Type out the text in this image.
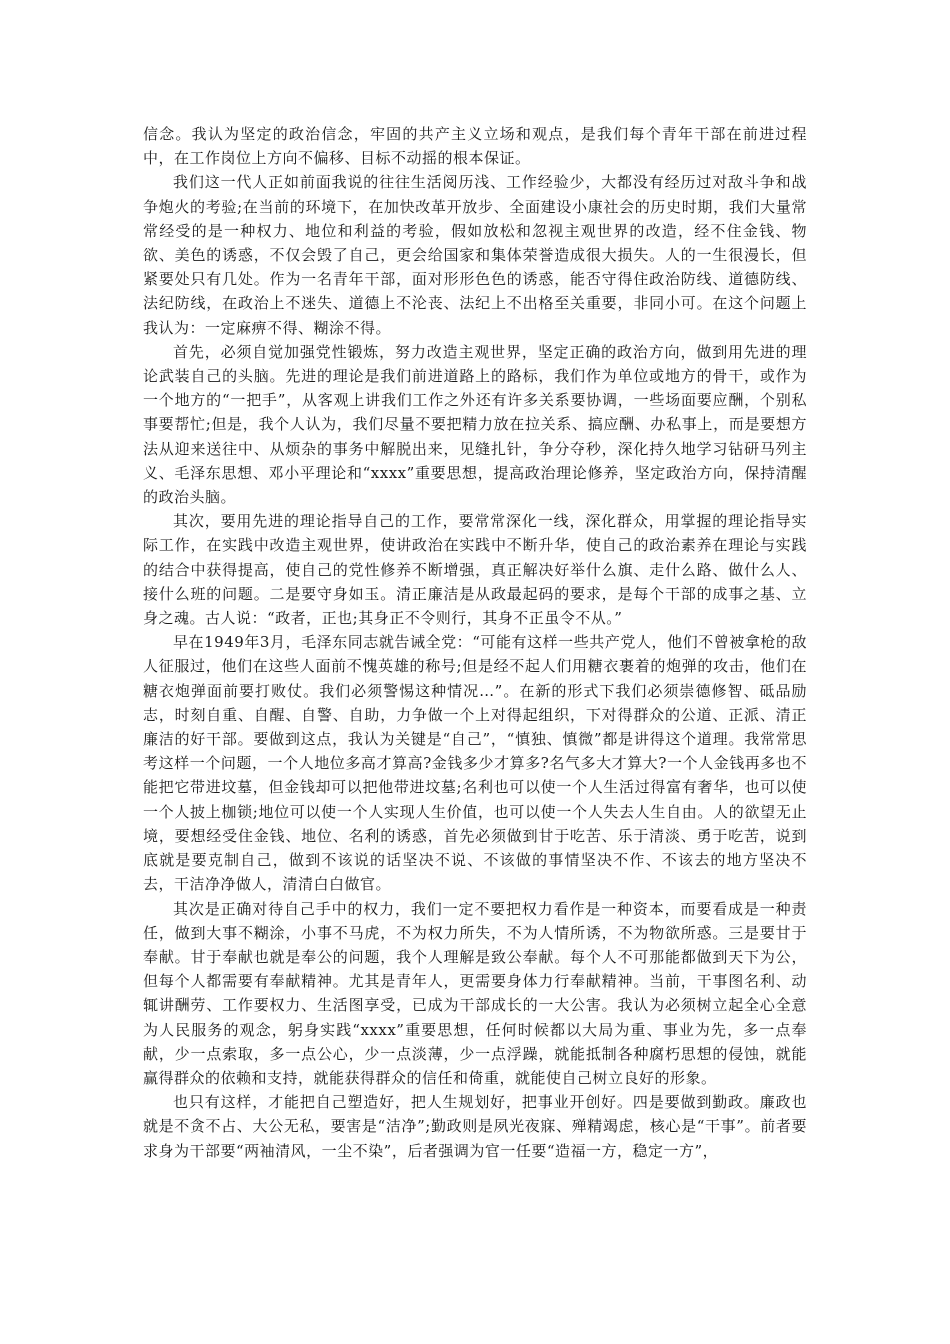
信念。我认为坚定的政治信念，牢固的共产主义立场和观点，是我们每个青年干部在前进过程中，在工作岗位上方向不偏移、目标不动摇的根本保证。

我们这一代人正如前面我说的往往生活阅历浅、工作经验少，大都没有经历过对敌斗争和战争炮火的考验;在当前的环境下，在加快改革开放步、全面建设小康社会的历史时期，我们大量常常经受的是一种权力、地位和利益的考验，假如放松和忽视主观世界的改造，经不住金钱、物欲、美色的诱惑，不仅会毁了自己，更会给国家和集体荣誉造成很大损失。人的一生很漫长，但紧要处只有几处。作为一名青年干部，面对形形色色的诱惑，能否守得住政治防线、道德防线、法纪防线，在政治上不迷失、道德上不沦丧、法纪上不出格至关重要，非同小可。在这个问题上我认为：一定麻痹不得、糊涂不得。

首先，必须自觉加强党性锻炼，努力改造主观世界，坚定正确的政治方向，做到用先进的理论武装自己的头脑。先进的理论是我们前进道路上的路标，我们作为单位或地方的骨干，或作为一个地方的“一把手”，从客观上讲我们工作之外还有许多关系要协调，一些场面要应酬，个别私事要帮忙;但是，我个人认为，我们尽量不要把精力放在拉关系、搞应酬、办私事上，而是要想方法从迎来送往中、从烦杂的事务中解脱出来，见缝扎针，争分夺秒，深化持久地学习钻研马列主义、毛泽东思想、邓小平理论和“xxxx”重要思想，提高政治理论修养，坚定政治方向，保持清醒的政治头脑。

其次，要用先进的理论指导自己的工作，要常常深化一线，深化群众，用掌握的理论指导实际工作，在实践中改造主观世界，使讲政治在实践中不断升华，使自己的政治素养在理论与实践的结合中获得提高，使自己的党性修养不断增强，真正解决好举什么旗、走什么路、做什么人、接什么班的问题。二是要守身如玉。清正廉洁是从政最起码的要求，是每个干部的成事之基、立身之魂。古人说：“政者，正也;其身正不令则行，其身不正虽令不从。”

早在1949年3月，毛泽东同志就告诫全党：“可能有这样一些共产党人，他们不曾被拿枪的敌人征服过，他们在这些人面前不愧英雄的称号;但是经不起人们用糖衣裹着的炮弹的攻击，他们在糖衣炮弹面前要打败仗。我们必须警惕这种情况…”。在新的形式下我们必须崇德修智、砥品励志，时刻自重、自醒、自警、自助，力争做一个上对得起组织，下对得群众的公道、正派、清正廉洁的好干部。要做到这点，我认为关键是“自己”，“慎独、慎微”都是讲得这个道理。我常常思考这样一个问题，一个人地位多高才算高?金钱多少才算多?名气多大才算大?一个人金钱再多也不能把它带进坟墓，但金钱却可以把他带进坟墓;名利也可以使一个人生活过得富有奢华，也可以使一个人披上枷锁;地位可以使一个人实现人生价值，也可以使一个人失去人生自由。人的欲望无止境，要想经受住金钱、地位、名利的诱惑，首先必须做到甘于吃苦、乐于清淡、勇于吃苦，说到底就是要克制自己，做到不该说的话坚决不说、不该做的事情坚决不作、不该去的地方坚决不去，干洁净净做人，清清白白做官。

其次是正确对待自己手中的权力，我们一定不要把权力看作是一种资本，而要看成是一种责任，做到大事不糊涂，小事不马虎，不为权力所失，不为人情所诱，不为物欲所惑。三是要甘于奉献。甘于奉献也就是奉公的问题，我个人理解是致公奉献。每个人不可那能都做到天下为公，但每个人都需要有奉献精神。尤其是青年人，更需要身体力行奉献精神。当前，干事图名利、动辄讲酬劳、工作要权力、生活图享受，已成为干部成长的一大公害。我认为必须树立起全心全意为人民服务的观念，躬身实践“xxxx”重要思想，任何时候都以大局为重、事业为先，多一点奉献，少一点索取，多一点公心，少一点淡薄，少一点浮躁，就能抵制各种腐朽思想的侵蚀，就能赢得群众的依赖和支持，就能获得群众的信任和倚重，就能使自己树立良好的形象。

也只有这样，才能把自己塑造好，把人生规划好，把事业开创好。四是要做到勤政。廉政也就是不贪不占、大公无私，要害是“洁净”;勤政则是夙光夜寐、殚精竭虑，核心是“干事”。前者要求身为干部要“两袖清风，一尘不染”，后者强调为官一任要“造福一方，稳定一方”，
